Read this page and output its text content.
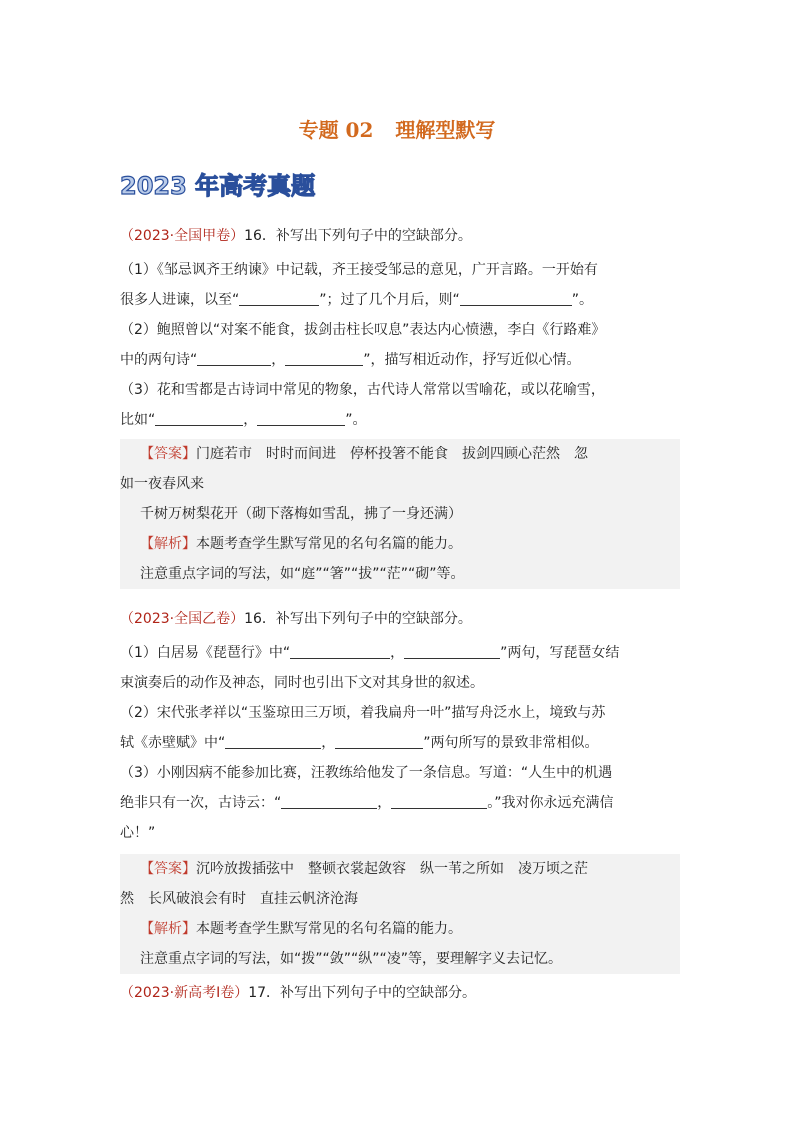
专题 02 理解型默写
2023 年高考真题

（2023·全国甲卷）16．补写出下列句子中的空缺部分。

（1）《邹忌讽齐王纳谏》中记载，齐王接受邹忌的意见，广开言路。一开始有

很多人进谏，以至“	”；过了几个月后，则“	”。

（2）鲍照曾以“对案不能食，拔剑击柱长叹息”表达内心愤懑，李白《行路难》

中的两句诗“	，	”，描写相近动作，抒写近似心情。

（3）花和雪都是古诗词中常见的物象，古代诗人常常以雪喻花，或以花喻雪，

比如“	，	”。

【答案】门庭若市　时时而间进　停杯投箸不能食　拔剑四顾心茫然　忽

如一夜春风来

千树万树梨花开（砌下落梅如雪乱，拂了一身还满）

【解析】本题考查学生默写常见的名句名篇的能力。

注意重点字词的写法，如“庭”“箸”“拔”“茫”“砌”等。

（2023·全国乙卷）16．补写出下列句子中的空缺部分。

（1）白居易《琵琶行》中“	，	”两句，写琵琶女结

束演奏后的动作及神态，同时也引出下文对其身世的叙述。

（2）宋代张孝祥以“玉鉴琼田三万顷，着我扁舟一叶”描写舟泛水上，境致与苏

轼《赤壁赋》中“	，	”两句所写的景致非常相似。

（3）小刚因病不能参加比赛，汪教练给他发了一条信息。写道：“人生中的机遇

绝非只有一次，古诗云：“	，	。”我对你永远充满信

心！”

【答案】沉吟放拨插弦中　整顿衣裳起敛容　纵一苇之所如　凌万顷之茫

然　长风破浪会有时　直挂云帆济沧海

【解析】本题考查学生默写常见的名句名篇的能力。

注意重点字词的写法，如“拨”“敛”“纵”“凌”等，要理解字义去记忆。

（2023·新高考Ⅰ卷）17．补写出下列句子中的空缺部分。
